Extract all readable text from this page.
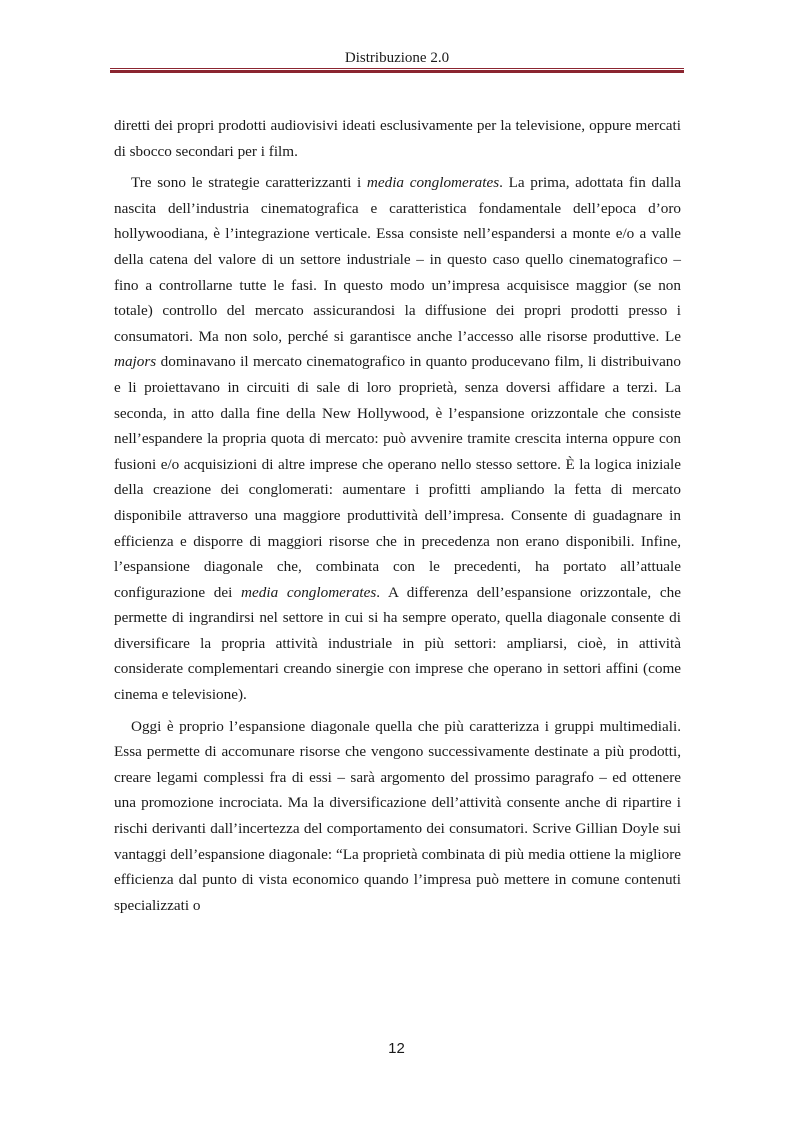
Distribuzione 2.0

diretti dei propri prodotti audiovisivi ideati esclusivamente per la televisione, oppure mercati di sbocco secondari per i film.

Tre sono le strategie caratterizzanti i media conglomerates. La prima, adottata fin dalla nascita dell’industria cinematografica e caratteristica fondamentale dell’epoca d’oro hollywoodiana, è l’integrazione verticale. Essa consiste nell’espandersi a monte e/o a valle della catena del valore di un settore industriale – in questo caso quello cinematografico – fino a controllarne tutte le fasi. In questo modo un’impresa acquisisce maggior (se non totale) controllo del mercato assicurandosi la diffusione dei propri prodotti presso i consumatori. Ma non solo, perché si garantisce anche l’accesso alle risorse produttive. Le majors dominavano il mercato cinematografico in quanto producevano film, li distribuivano e li proiettavano in circuiti di sale di loro proprietà, senza doversi affidare a terzi. La seconda, in atto dalla fine della New Hollywood, è l’espansione orizzontale che consiste nell’espandere la propria quota di mercato: può avvenire tramite crescita interna oppure con fusioni e/o acquisizioni di altre imprese che operano nello stesso settore. È la logica iniziale della creazione dei conglomerati: aumentare i profitti ampliando la fetta di mercato disponibile attraverso una maggiore produttività dell’impresa. Consente di guadagnare in efficienza e disporre di maggiori risorse che in precedenza non erano disponibili. Infine, l’espansione diagonale che, combinata con le precedenti, ha portato all’attuale configurazione dei media conglomerates. A differenza dell’espansione orizzontale, che permette di ingrandirsi nel settore in cui si ha sempre operato, quella diagonale consente di diversificare la propria attività industriale in più settori: ampliarsi, cioè, in attività considerate complementari creando sinergie con imprese che operano in settori affini (come cinema e televisione).

Oggi è proprio l’espansione diagonale quella che più caratterizza i gruppi multimediali. Essa permette di accomunare risorse che vengono successivamente destinate a più prodotti, creare legami complessi fra di essi – sarà argomento del prossimo paragrafo – ed ottenere una promozione incrociata. Ma la diversificazione dell’attività consente anche di ripartire i rischi derivanti dall’incertezza del comportamento dei consumatori. Scrive Gillian Doyle sui vantaggi dell’espansione diagonale: “La proprietà combinata di più media ottiene la migliore efficienza dal punto di vista economico quando l’impresa può mettere in comune contenuti specializzati o

12
